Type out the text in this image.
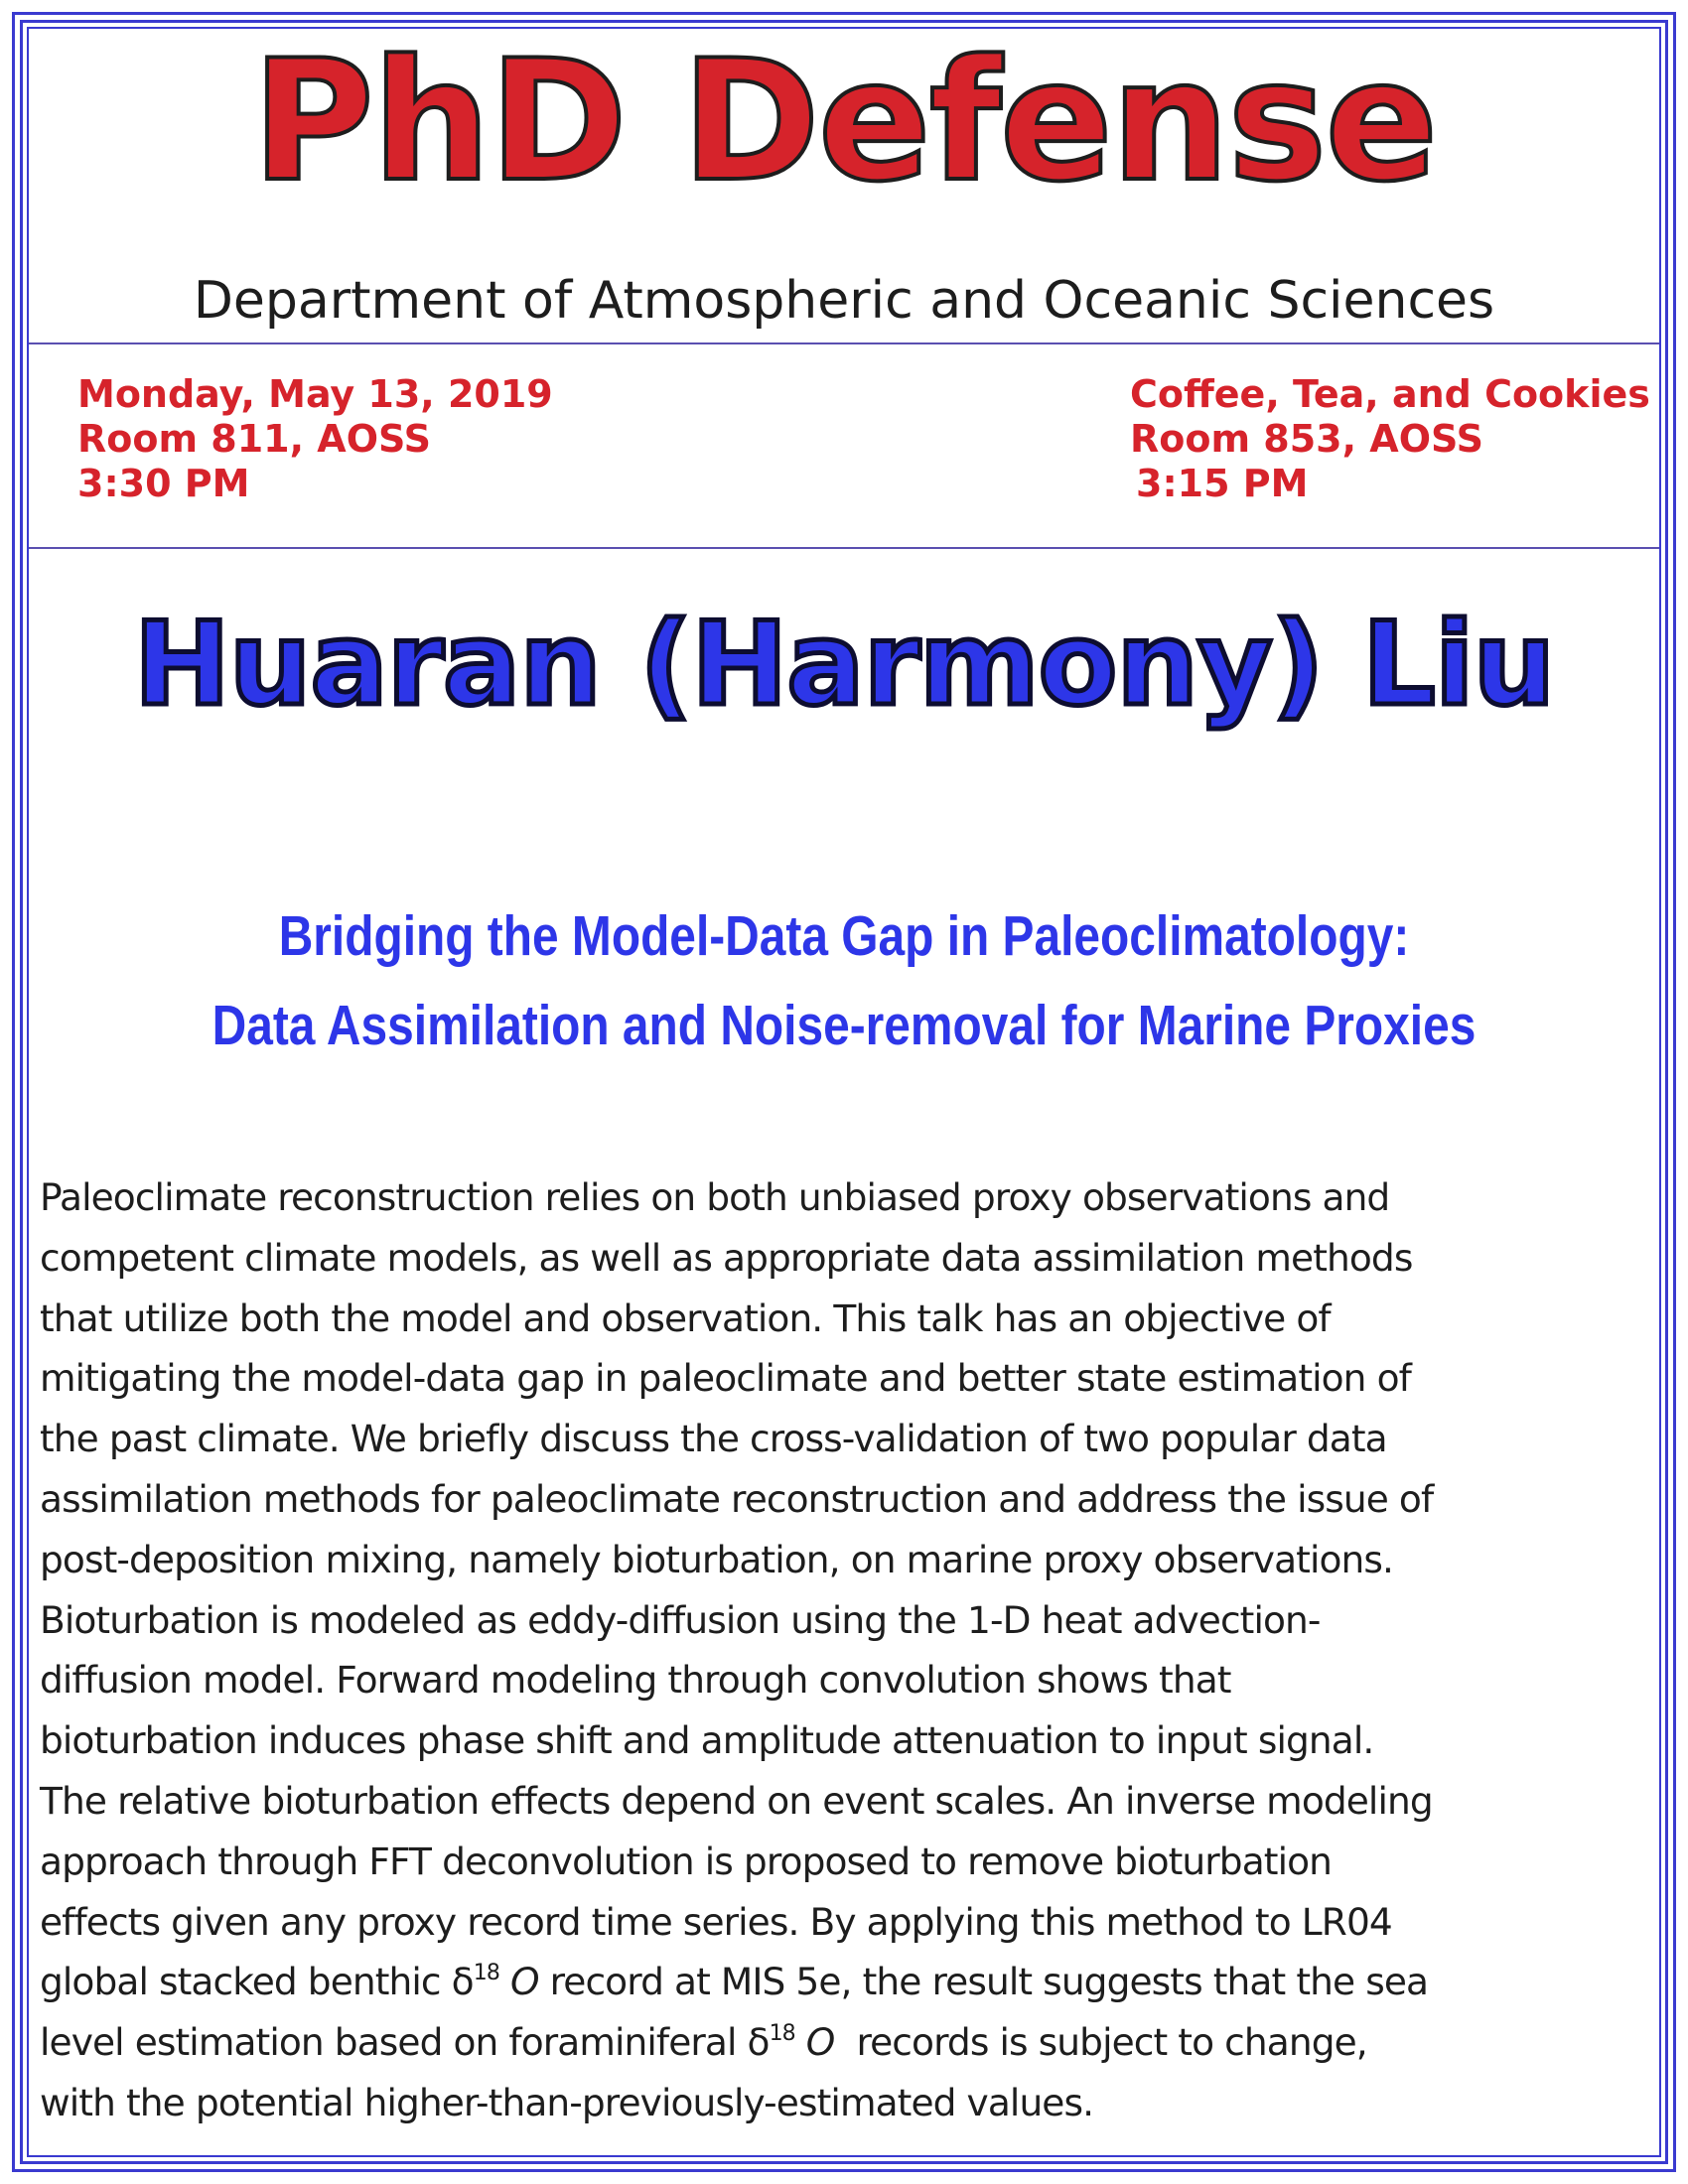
PhD Defense
Department of Atmospheric and Oceanic Sciences
Monday, May 13, 2019
Room 811, AOSS
3:30 PM
Coffee, Tea, and Cookies
Room 853, AOSS
3:15 PM
Huaran (Harmony) Liu
Bridging the Model-Data Gap in Paleoclimatology:
Data Assimilation and Noise-removal for Marine Proxies
Paleoclimate reconstruction relies on both unbiased proxy observations and
competent climate models, as well as appropriate data assimilation methods
that utilize both the model and observation. This talk has an objective of
mitigating the model-data gap in paleoclimate and better state estimation of
the past climate. We briefly discuss the cross-validation of two popular data
assimilation methods for paleoclimate reconstruction and address the issue of
post-deposition mixing, namely bioturbation, on marine proxy observations.
Bioturbation is modeled as eddy-diffusion using the 1-D heat advection-
diffusion model. Forward modeling through convolution shows that
bioturbation induces phase shift and amplitude attenuation to input signal.
The relative bioturbation effects depend on event scales. An inverse modeling
approach through FFT deconvolution is proposed to remove bioturbation
effects given any proxy record time series. By applying this method to LR04
global stacked benthic $\delta^{18}$ O record at MIS 5e, the result suggests that the sea
level estimation based on foraminiferal $\delta^{18}$ O  records is subject to change,
with the potential higher-than-previously-estimated values.
